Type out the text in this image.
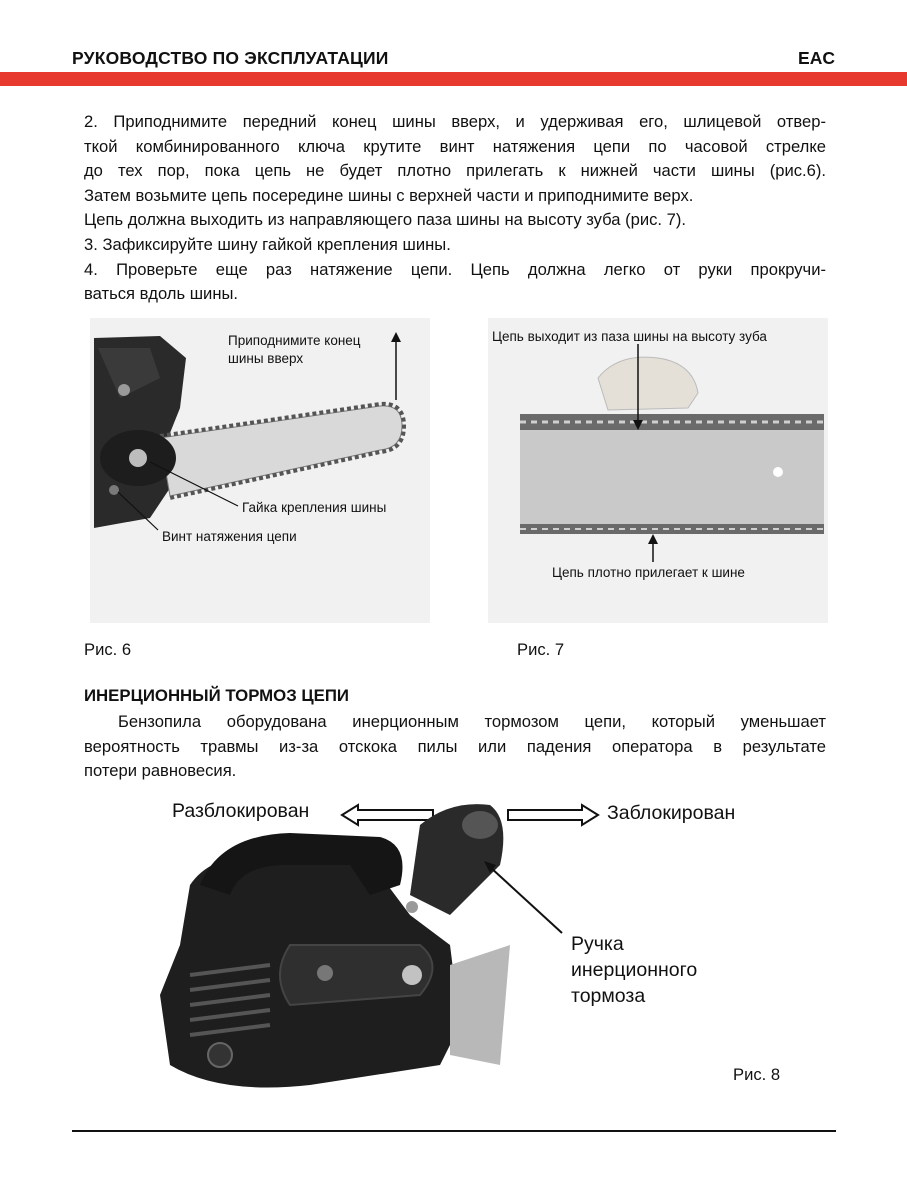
РУКОВОДСТВО ПО ЭКСПЛУАТАЦИИ	EAC
2. Приподнимите передний конец шины вверх, и удерживая его, шлицевой отвер-
ткой комбинированного ключа крутите винт натяжения цепи по часовой стрелке
до тех пор, пока цепь не будет плотно прилегать к нижней части шины (рис.6).
Затем возьмите цепь посередине шины с верхней части и приподнимите верх.
Цепь должна выходить из направляющего паза шины на высоту зуба (рис. 7).
3. Зафиксируйте шину гайкой крепления шины.
4. Проверьте еще раз натяжение цепи. Цепь должна легко от руки прокручи-
ваться вдоль шины.
Приподнимите конец
шины вверх
Гайка крепления шины
Винт натяжения цепи
Рис. 6
Цепь выходит из паза шины на высоту зуба
Цепь плотно прилегает к шине
Рис. 7
ИНЕРЦИОННЫЙ ТОРМОЗ ЦЕПИ
Бензопила оборудована инерционным тормозом цепи, который уменьшает
вероятность травмы из-за отскока пилы или падения оператора в результате
потери равновесия.
Разблокирован	Заблокирован
Ручка
инерционного
тормоза
Рис. 8
